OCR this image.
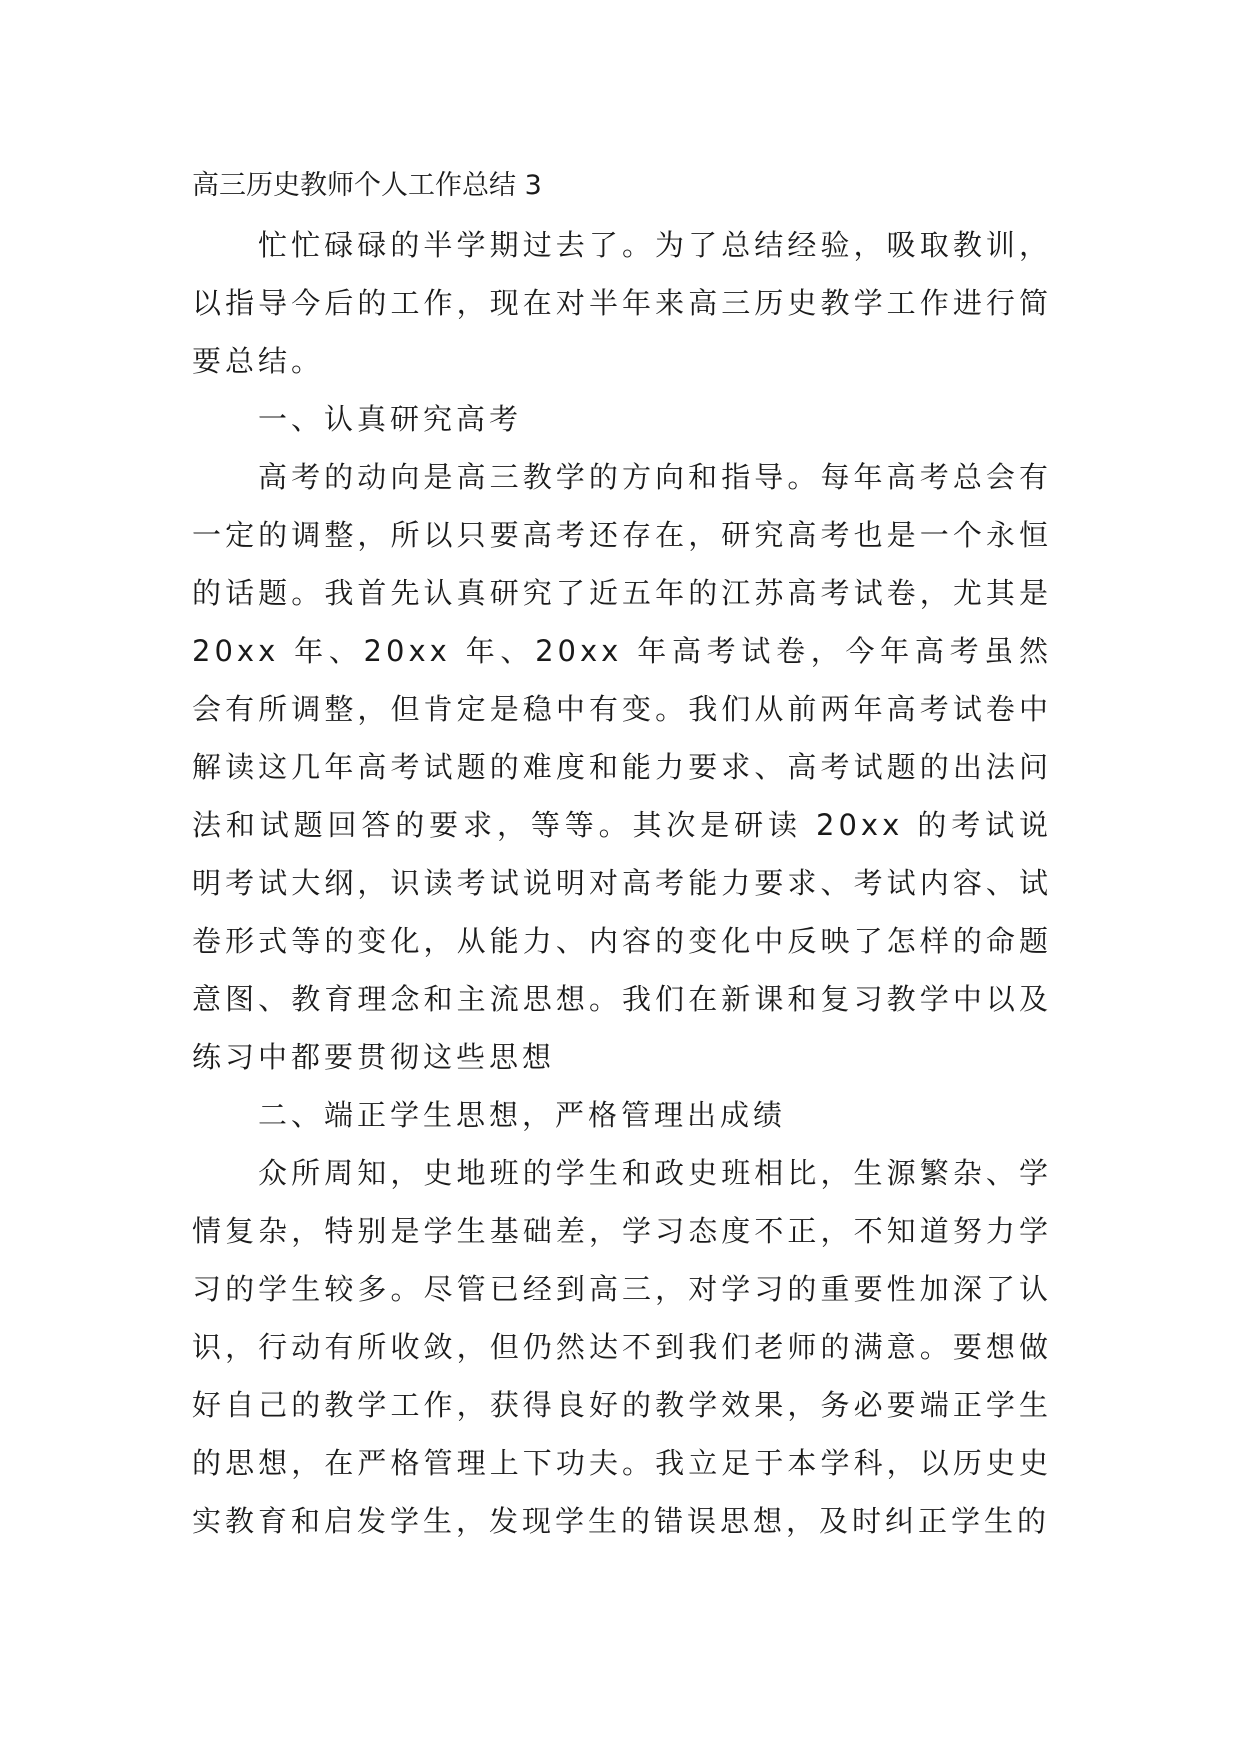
高三历史教师个人工作总结 3

忙忙碌碌的半学期过去了。为了总结经验，吸取教训，以指导今后的工作，现在对半年来高三历史教学工作进行简要总结。

一、认真研究高考

高考的动向是高三教学的方向和指导。每年高考总会有一定的调整，所以只要高考还存在，研究高考也是一个永恒的话题。我首先认真研究了近五年的江苏高考试卷，尤其是 20xx 年、20xx 年、20xx 年高考试卷，今年高考虽然会有所调整，但肯定是稳中有变。我们从前两年高考试卷中解读这几年高考试题的难度和能力要求、高考试题的出法问法和试题回答的要求，等等。其次是研读 20xx 的考试说明考试大纲，识读考试说明对高考能力要求、考试内容、试卷形式等的变化，从能力、内容的变化中反映了怎样的命题意图、教育理念和主流思想。我们在新课和复习教学中以及练习中都要贯彻这些思想

二、端正学生思想，严格管理出成绩

众所周知，史地班的学生和政史班相比，生源繁杂、学情复杂，特别是学生基础差，学习态度不正，不知道努力学习的学生较多。尽管已经到高三，对学习的重要性加深了认识，行动有所收敛，但仍然达不到我们老师的满意。要想做好自己的教学工作，获得良好的教学效果，务必要端正学生的思想，在严格管理上下功夫。我立足于本学科，以历史史实教育和启发学生，发现学生的错误思想，及时纠正学生的
